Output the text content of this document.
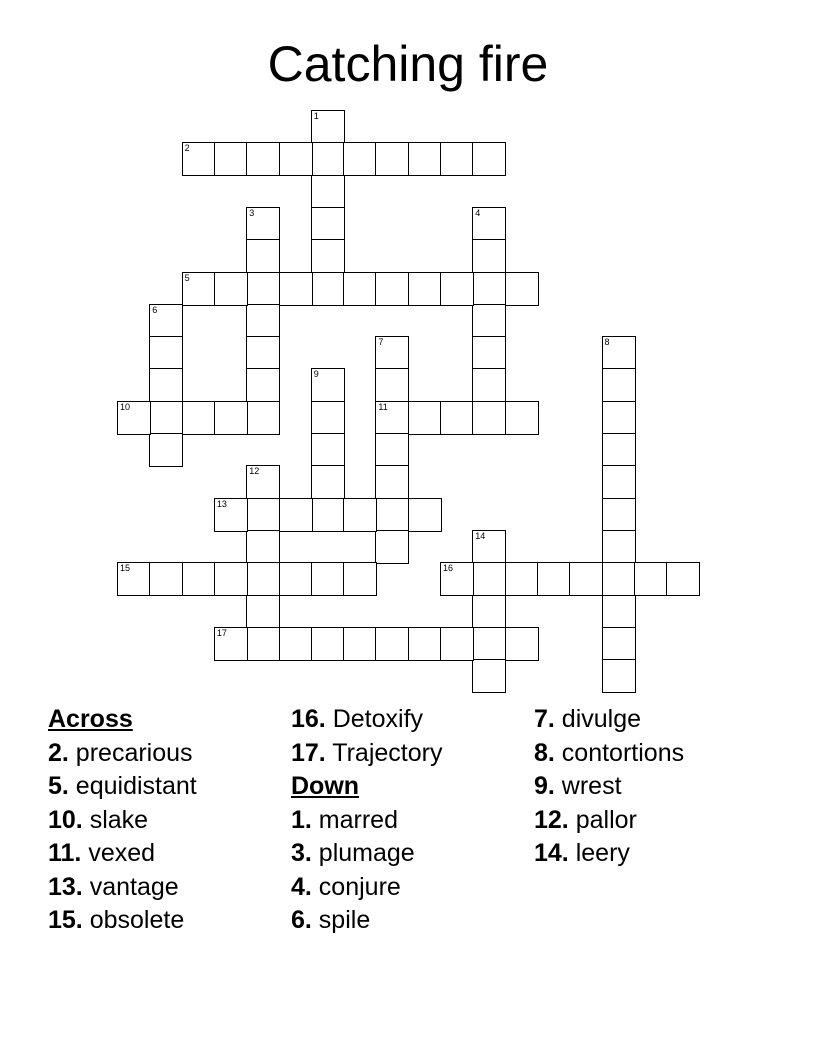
Catching fire
1
2
3	4
5
6
7
11
8
9
10
12
13
14
15	16
17
Across
2. precarious
5. equidistant
10. slake
11. vexed
13. vantage
15. obsolete
16. Detoxify
17. Trajectory
Down
1. marred
3. plumage
4. conjure
6. spile
7. divulge
8. contortions
9. wrest
12. pallor
14. leery
